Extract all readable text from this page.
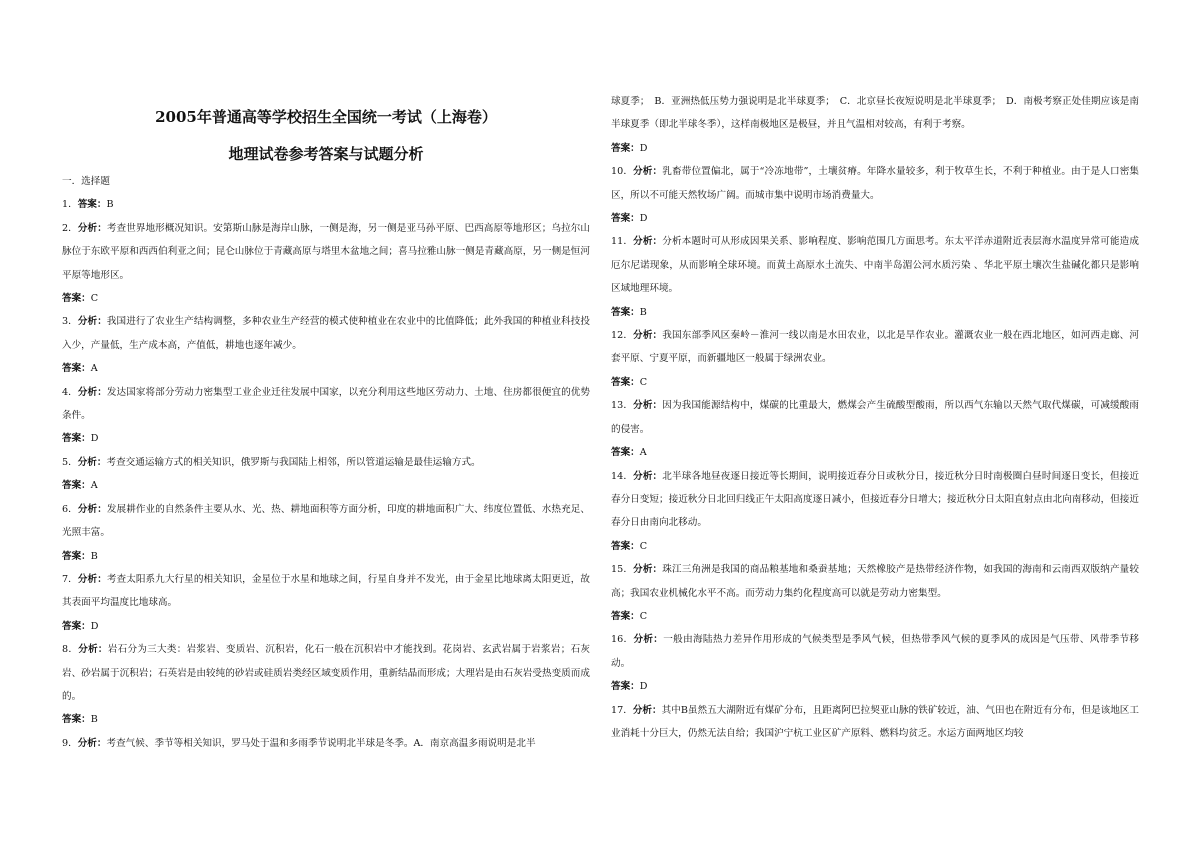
2005年普通高等学校招生全国统一考试（上海卷）
地理试卷参考答案与试题分析

一．选择题

1．答案：B

2．分析：考查世界地形概况知识。安第斯山脉是海岸山脉，一侧是海，另一侧是亚马孙平原、巴西高原等地形区；乌拉尔山脉位于东欧平原和西西伯利亚之间；昆仑山脉位于青藏高原与塔里木盆地之间；喜马拉雅山脉一侧是青藏高原，另一侧是恒河平原等地形区。

答案：C

3．分析：我国进行了农业生产结构调整，多种农业生产经营的模式使种植业在农业中的比值降低；此外我国的种植业科技投入少，产量低，生产成本高，产值低，耕地也逐年减少。

答案：A

4．分析：发达国家将部分劳动力密集型工业企业迁往发展中国家，以充分利用这些地区劳动力、土地、住房都很便宜的优势条件。

答案：D

5．分析：考查交通运输方式的相关知识，俄罗斯与我国陆上相邻，所以管道运输是最佳运输方式。

答案：A

6．分析：发展耕作业的自然条件主要从水、光、热、耕地面积等方面分析，印度的耕地面积广大、纬度位置低、水热充足、光照丰富。

答案：B

7．分析：考查太阳系九大行星的相关知识，金星位于水星和地球之间，行星自身并不发光，由于金星比地球离太阳更近，故其表面平均温度比地球高。

答案：D

8．分析：岩石分为三大类：岩浆岩、变质岩、沉积岩，化石一般在沉积岩中才能找到。花岗岩、玄武岩属于岩浆岩；石灰岩、砂岩属于沉积岩；石英岩是由较纯的砂岩或硅质岩类经区域变质作用，重新结晶而形成；大理岩是由石灰岩受热变质而成的。

答案：B

9．分析：考查气候、季节等相关知识，罗马处于温和多雨季节说明北半球是冬季。A．南京高温多雨说明是北半

球夏季；　B．亚洲热低压势力强说明是北半球夏季；　C．北京昼长夜短说明是北半球夏季；　D．南极考察正处佳期应该是南半球夏季（即北半球冬季），这样南极地区是极昼，并且气温相对较高，有利于考察。

答案：D

10．分析：乳畜带位置偏北，属于“冷冻地带”，土壤贫瘠。年降水量较多，利于牧草生长，不利于种植业。由于是人口密集区，所以不可能天然牧场广阔。而城市集中说明市场消费量大。

答案：D

11．分析：分析本题时可从形成因果关系、影响程度、影响范围几方面思考。东太平洋赤道附近表层海水温度异常可能造成厄尔尼诺现象，从而影响全球环境。而黄土高原水土流失、中南半岛湄公河水质污染 、华北平原土壤次生盐碱化都只是影响区域地理环境。

答案：B

12．分析：我国东部季风区秦岭－淮河一线以南是水田农业，以北是旱作农业。灌溉农业一般在西北地区，如河西走廊、河套平原、宁夏平原，而新疆地区一般属于绿洲农业。

答案：C

13．分析：因为我国能源结构中，煤碳的比重最大，燃煤会产生硫酸型酸雨，所以西气东输以天然气取代煤碳，可减缓酸雨的侵害。

答案：A

14．分析：北半球各地昼夜逐日接近等长期间，说明接近春分日或秋分日，接近秋分日时南极圈白昼时间逐日变长，但接近春分日变短；接近秋分日北回归线正午太阳高度逐日减小，但接近春分日增大；接近秋分日太阳直射点由北向南移动，但接近春分日由南向北移动。

答案：C

15．分析：珠江三角洲是我国的商品粮基地和桑蚕基地；天然橡胶产是热带经济作物，如我国的海南和云南西双版纳产量较高；我国农业机械化水平不高。而劳动力集约化程度高可以就是劳动力密集型。

答案：C

16．分析：一般由海陆热力差异作用形成的气候类型是季风气候，但热带季风气候的夏季风的成因是气压带、风带季节移动。

答案：D

17．分析：其中B虽然五大湖附近有煤矿分布，且距离阿巴拉契亚山脉的铁矿较近，油、气田也在附近有分布，但是该地区工业消耗十分巨大，仍然无法自给；我国沪宁杭工业区矿产原料、燃料均贫乏。水运方面两地区均较
